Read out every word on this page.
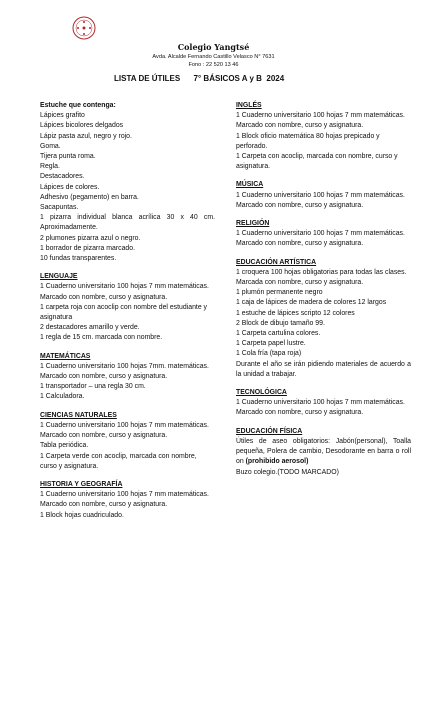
Colegio Yangtsé
Avda. Alcalde Fernando Castillo Velasco N° 7631
Fono : 22 520 13 46
LISTA DE ÚTILES      7° BÁSICOS A y B  2024
Estuche que contenga:
Lápices grafito
Lápices bicolores delgados
Lápiz pasta azul, negro y rojo.
Goma.
Tijera punta roma.
Regla.
Destacadores.
Lápices de colores.
Adhesivo (pegamento) en barra.
Sacapuntas.
1 pizarra individual blanca acrílica 30 x 40 cm. Aproximadamente.
2 plumones pizarra azul o negro.
1 borrador de pizarra marcado.
10 fundas transparentes.
LENGUAJE
1 Cuaderno universitario 100 hojas 7 mm matemáticas. Marcado con nombre, curso y asignatura.
1 carpeta roja con acoclip con nombre del estudiante y asignatura
2 destacadores amarillo y verde.
1 regla de 15 cm. marcada con nombre.
MATEMÁTICAS
1 Cuaderno universitario 100 hojas 7mm. matemáticas. Marcado con nombre, curso y asignatura.
1 transportador – una regla 30 cm.
1 Calculadora.
CIENCIAS NATURALES
1 Cuaderno universitario 100 hojas 7 mm matemáticas. Marcado con nombre, curso y asignatura.
Tabla periódica.
1 Carpeta verde con acoclip, marcada con nombre, curso y asignatura.
HISTORIA Y GEOGRAFÍA
1 Cuaderno universitario 100 hojas 7 mm matemáticas. Marcado con nombre, curso y asignatura.
1 Block hojas cuadriculado.
INGLÉS
1 Cuaderno universitario 100 hojas 7 mm matemáticas. Marcado con nombre, curso y asignatura.
1 Block oficio matemática 80 hojas prepicado y perforado.
1 Carpeta con acoclip, marcada con nombre, curso y asignatura.
MÚSICA
1 Cuaderno universitario 100 hojas 7 mm matemáticas. Marcado con nombre, curso y asignatura.
RELIGIÓN
1 Cuaderno universitario 100 hojas 7 mm matemáticas. Marcado con nombre, curso y asignatura.
EDUCACIÓN ARTÍSTICA
1 croquera 100 hojas obligatorias para todas las clases. Marcada con nombre, curso y asignatura.
1 plumón permanente negro
1 caja de lápices de madera de colores 12 largos
1 estuche de lápices scripto 12 colores
2 Block de dibujo tamaño 99.
1 Carpeta cartulina colores.
1 Carpeta papel lustre.
1 Cola fría (tapa roja)
Durante el año se irán pidiendo materiales de acuerdo a la unidad a trabajar.
TECNOLÓGICA
1 Cuaderno universitario 100 hojas 7 mm matemáticas. Marcado con nombre, curso y asignatura.
EDUCACIÓN FÍSICA
Útiles de aseo obligatorios: Jabón(personal), Toalla pequeña, Polera de cambio, Desodorante en barra o roll on (prohibido aerosol)
Buzo colegio.(TODO MARCADO)
